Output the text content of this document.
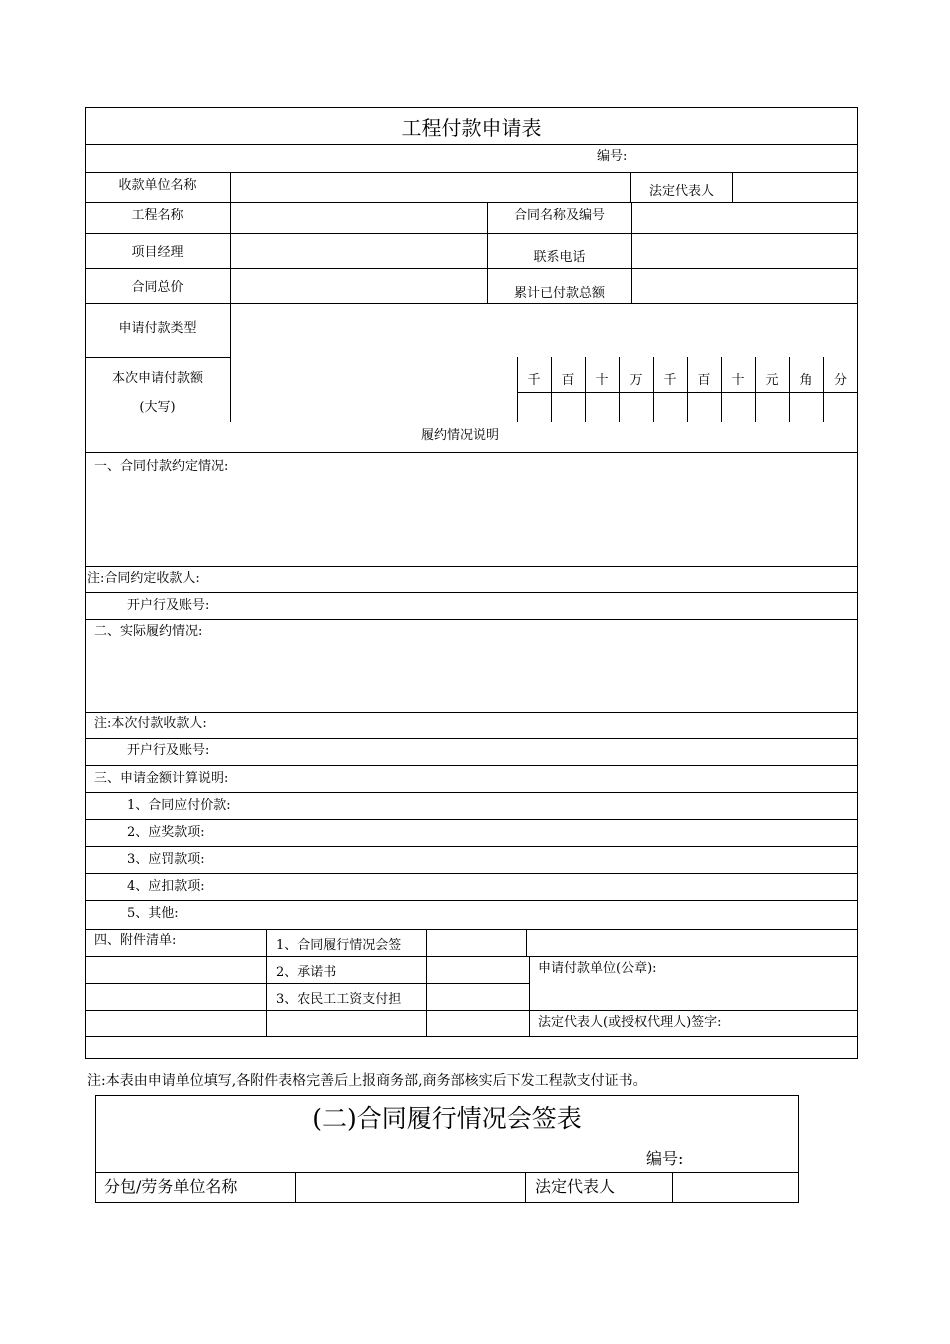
工程付款申请表
编号:
收款单位名称	法定代表人
工程名称	合同名称及编号
项目经理	联系电话
合同总价	累计已付款总额
申请付款类型
本次申请付款额
(大写)
千	百	十	万	千	百	十	元	角	分
履约情况说明
一、合同付款约定情况:
注:合同约定收款人:
开户行及账号:
二、实际履约情况:
注:本次付款收款人:
开户行及账号:
三、申请金额计算说明:
1、合同应付价款:
2、应奖款项:
3、应罚款项:
4、应扣款项:
5、其他:
四、附件清单:	1、合同履行情况会签
2、承诺书
3、农民工工资支付担
申请付款单位(公章):
法定代表人(或授权代理人)签字:
注:本表由申请单位填写,各附件表格完善后上报商务部,商务部核实后下发工程款支付证书。
(二)合同履行情况会签表
编号:
分包/劳务单位名称	法定代表人
